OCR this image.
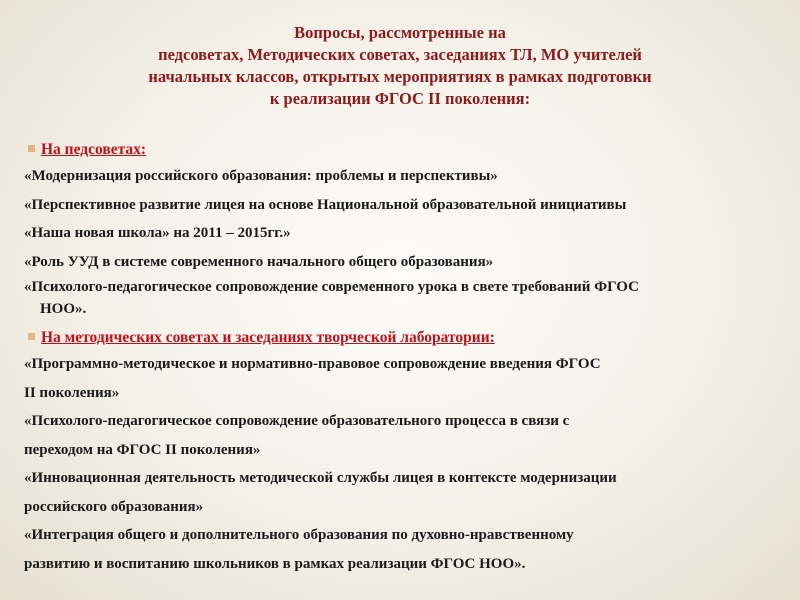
Вопросы, рассмотренные на
педсоветах, Методических советах, заседаниях ТЛ, МО учителей
начальных классов, открытых мероприятиях в рамках подготовки
к реализации ФГОС II поколения:
На педсоветах:
«Модернизация российского образования: проблемы и перспективы»
«Перспективное развитие лицея на основе Национальной образовательной инициативы
«Наша новая школа» на 2011 – 2015гг.»
«Роль УУД в системе современного начального общего образования»
«Психолого-педагогическое сопровождение современного урока в свете требований ФГОС
НОО».
На методических советах и заседаниях творческой лаборатории:
«Программно-методическое и нормативно-правовое сопровождение введения ФГОС
II поколения»
«Психолого-педагогическое сопровождение образовательного процесса в связи с
переходом на ФГОС II поколения»
«Инновационная деятельность методической службы лицея в контексте модернизации
российского образования»
«Интеграция общего и дополнительного образования по духовно-нравственному
развитию и воспитанию школьников в рамках реализации ФГОС НОО».
